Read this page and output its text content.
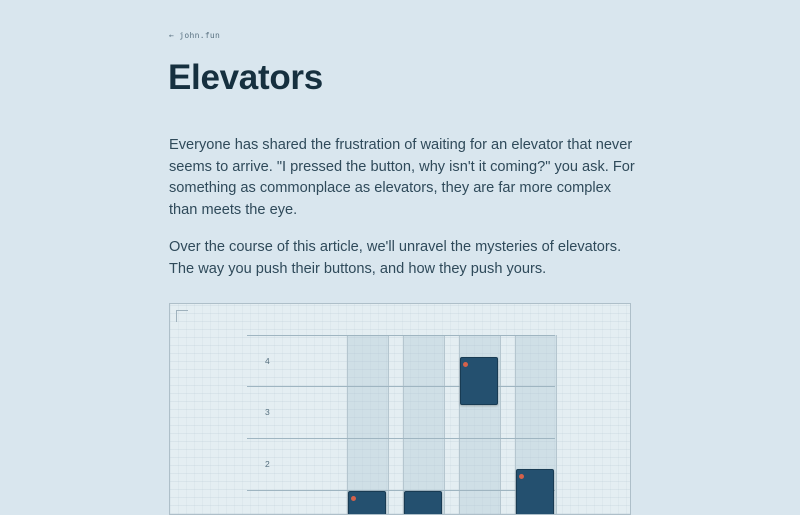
← john.fun
Elevators

Everyone has shared the frustration of waiting for an elevator that never seems to arrive. "I pressed the button, why isn't it coming?" you ask. For something as commonplace as elevators, they are far more complex than meets the eye.

Over the course of this article, we'll unravel the mysteries of elevators. The way you push their buttons, and how they push yours.

4
3
2
